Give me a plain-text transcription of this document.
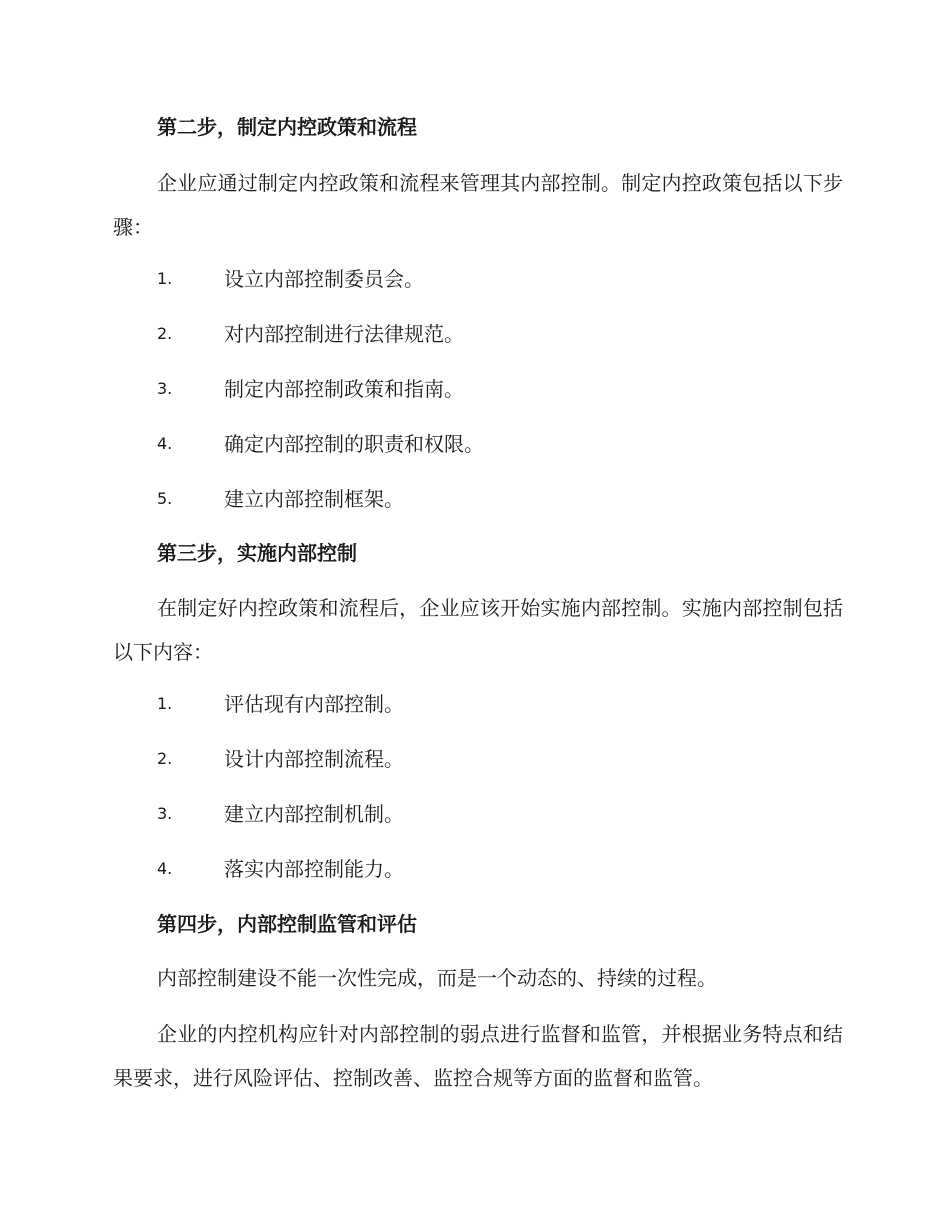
第二步，制定内控政策和流程
企业应通过制定内控政策和流程来管理其内部控制。制定内控政策包括以下步骤：
1.	设立内部控制委员会。
2.	对内部控制进行法律规范。
3.	制定内部控制政策和指南。
4.	确定内部控制的职责和权限。
5.	建立内部控制框架。
第三步，实施内部控制
在制定好内控政策和流程后，企业应该开始实施内部控制。实施内部控制包括以下内容：
1.	评估现有内部控制。
2.	设计内部控制流程。
3.	建立内部控制机制。
4.	落实内部控制能力。
第四步，内部控制监管和评估
内部控制建设不能一次性完成，而是一个动态的、持续的过程。
企业的内控机构应针对内部控制的弱点进行监督和监管，并根据业务特点和结果要求，进行风险评估、控制改善、监控合规等方面的监督和监管。
